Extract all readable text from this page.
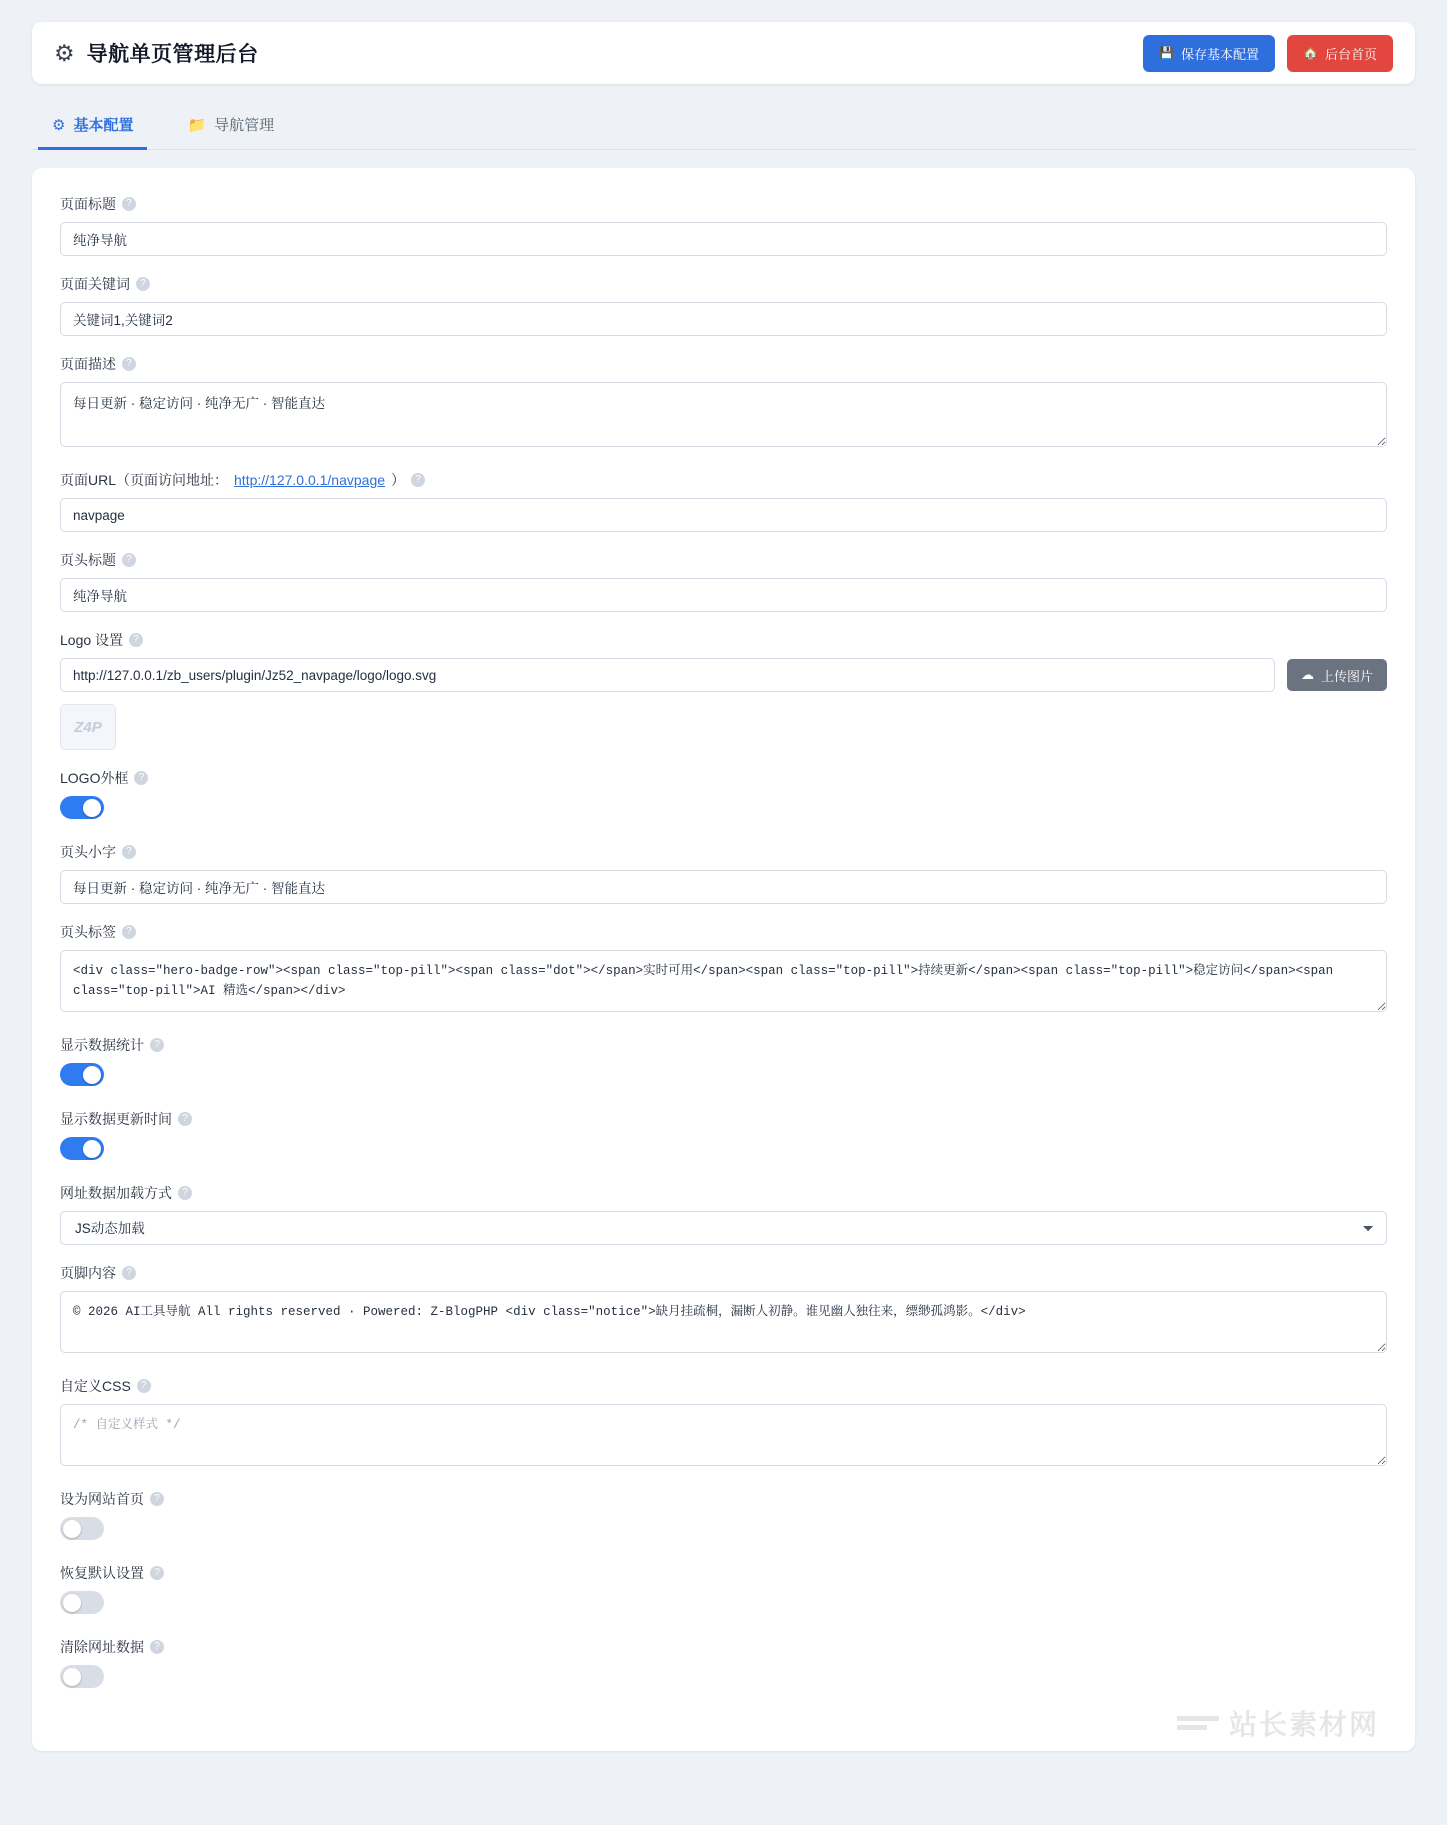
⚙ 导航单页管理后台	💾 保存基本配置	🏠 后台首页
⚙ 基本配置	📁 导航管理
页面标题	?
纯净导航
页面关键词	?
关键词1,关键词2
页面描述	?
每日更新 · 稳定访问 · 纯净无广 · 智能直达
页面URL（页面访问地址： http://127.0.0.1/navpage ）	?
navpage
页头标题	?
纯净导航
Logo 设置	?
http://127.0.0.1/zb_users/plugin/Jz52_navpage/logo/logo.svg
☁ 上传图片
Z4P
LOGO外框	?
页头小字	?
每日更新 · 稳定访问 · 纯净无广 · 智能直达
页头标签	?
<div class="hero-badge-row"><span class="top-pill"><span class="dot"></span>实时可用</span><span class="top-pill">持续更新</span><span class="top-pill">稳定访问</span><span class="top-pill">AI 精选</span></div>
显示数据统计	?
显示数据更新时间	?
网址数据加载方式	?
JS动态加载
页脚内容	?
© 2026 AI工具导航 All rights reserved · Powered: Z-BlogPHP <div class="notice">缺月挂疏桐，漏断人初静。谁见幽人独往来，缥缈孤鸿影。</div>
自定义CSS	?
/* 自定义样式 */
设为网站首页	?
恢复默认设置	?
清除网址数据	?
站长素材网
